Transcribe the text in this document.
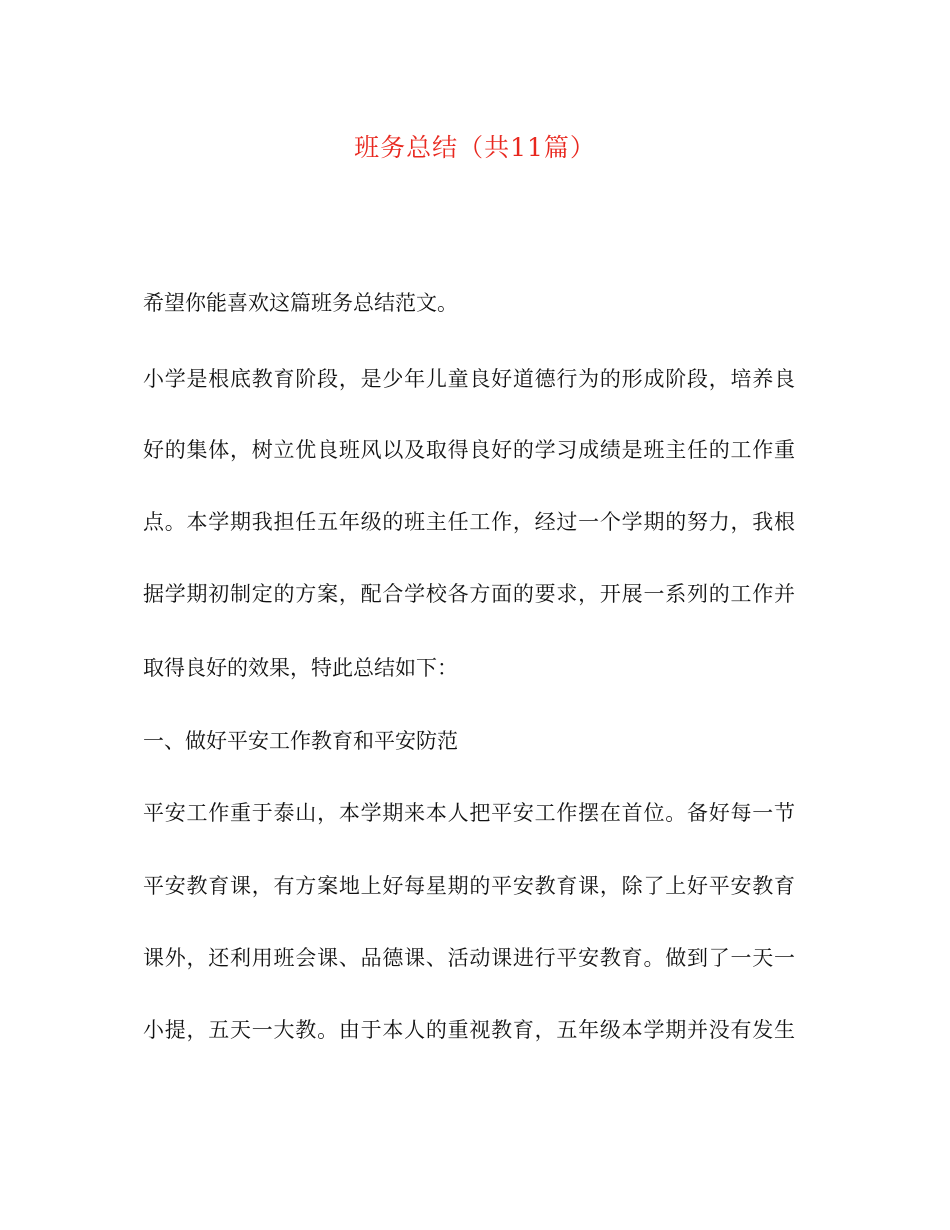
班务总结（共11篇）

希望你能喜欢这篇班务总结范文。

小学是根底教育阶段，是少年儿童良好道德行为的形成阶段，培养良

好的集体，树立优良班风以及取得良好的学习成绩是班主任的工作重

点。本学期我担任五年级的班主任工作，经过一个学期的努力，我根

据学期初制定的方案，配合学校各方面的要求，开展一系列的工作并

取得良好的效果，特此总结如下：

一、做好平安工作教育和平安防范

平安工作重于泰山，本学期来本人把平安工作摆在首位。备好每一节

平安教育课，有方案地上好每星期的平安教育课，除了上好平安教育

课外，还利用班会课、品德课、活动课进行平安教育。做到了一天一

小提，五天一大教。由于本人的重视教育，五年级本学期并没有发生
